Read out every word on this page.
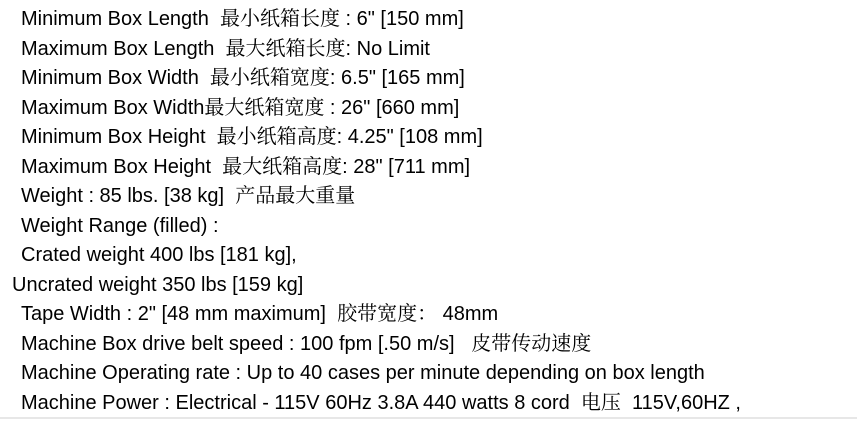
Minimum Box Length  最小纸箱长度 : 6" [150 mm]
Maximum Box Length  最大纸箱长度: No Limit
Minimum Box Width  最小纸箱宽度: 6.5" [165 mm]
Maximum Box Width最大纸箱宽度 : 26" [660 mm]
Minimum Box Height  最小纸箱高度: 4.25" [108 mm]
Maximum Box Height  最大纸箱高度: 28" [711 mm]
Weight : 85 lbs. [38 kg]  产品最大重量
Weight Range (filled) :
Crated weight 400 lbs [181 kg],
Uncrated weight 350 lbs [159 kg]
Tape Width : 2" [48 mm maximum]  胶带宽度： 48mm
Machine Box drive belt speed : 100 fpm [.50 m/s]   皮带传动速度
Machine Operating rate : Up to 40 cases per minute depending on box length
Machine Power : Electrical - 115V 60Hz 3.8A 440 watts 8 cord  电压  115V,60HZ ,
